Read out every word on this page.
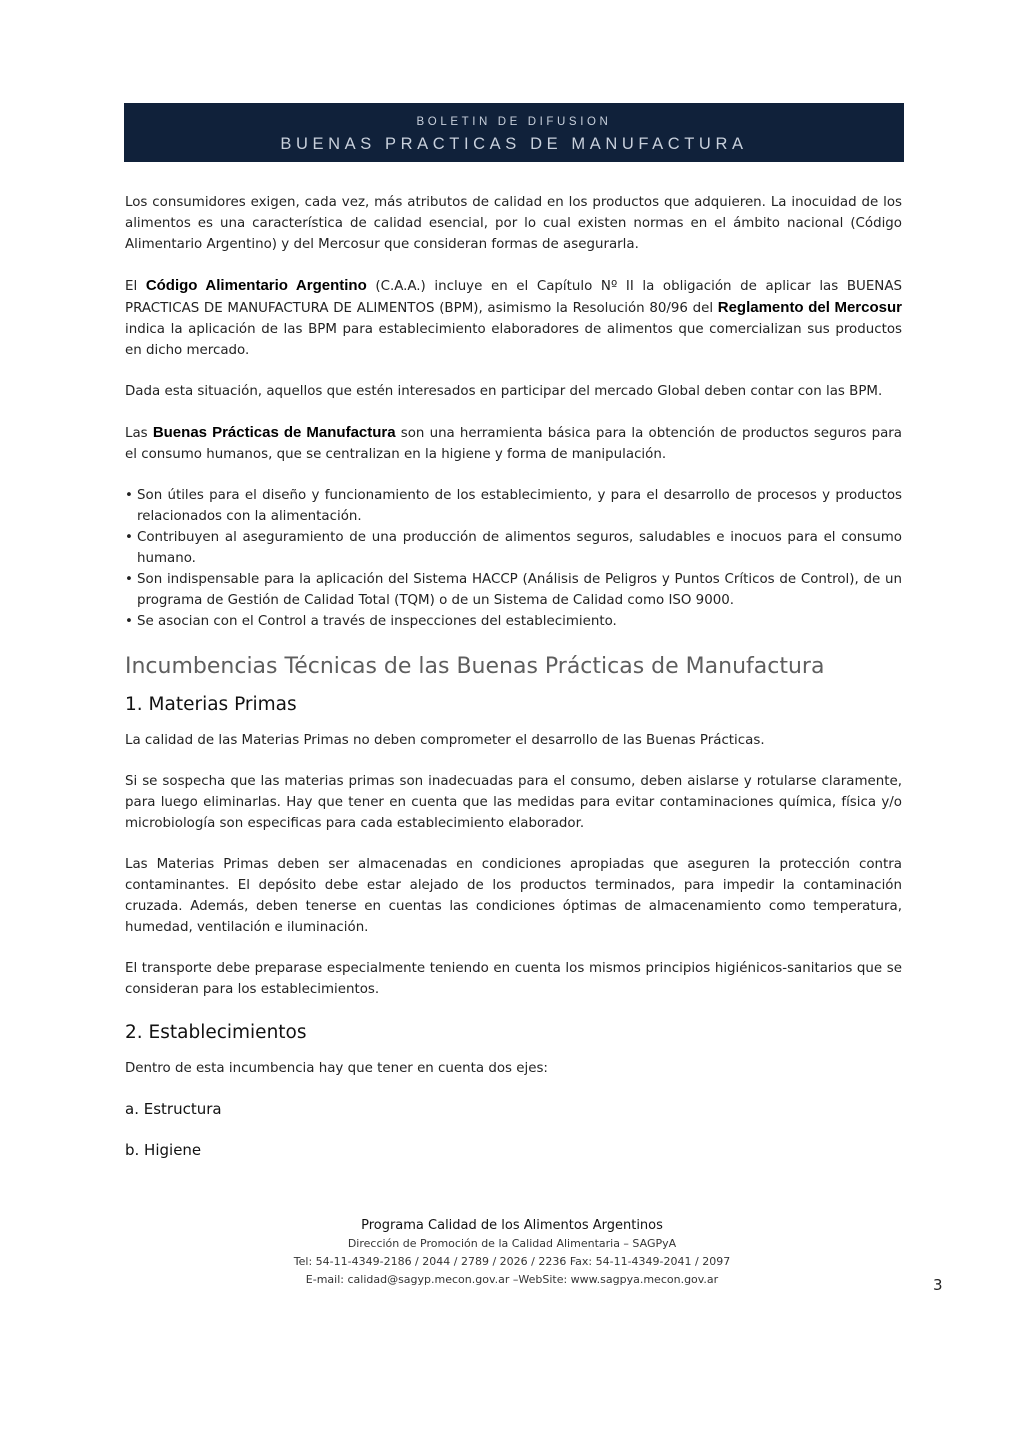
BOLETIN DE DIFUSION
BUENAS PRACTICAS DE MANUFACTURA

Los consumidores exigen, cada vez, más atributos de calidad en los productos que adquieren. La inocuidad de los alimentos es una característica de calidad esencial, por lo cual existen normas en el ámbito nacional (Código Alimentario Argentino) y del Mercosur que consideran formas de asegurarla.

El Código Alimentario Argentino (C.A.A.) incluye en el Capítulo Nº II la obligación de aplicar las BUENAS PRACTICAS DE MANUFACTURA DE ALIMENTOS (BPM), asimismo la Resolución 80/96 del Reglamento del Mercosur indica la aplicación de las BPM para establecimiento elaboradores de alimentos que comercializan sus productos en dicho mercado.

Dada esta situación, aquellos que estén interesados en participar del mercado Global deben contar con las BPM.

Las Buenas Prácticas de Manufactura son una herramienta básica para la obtención de productos seguros para el consumo humanos, que se centralizan en la higiene y forma de manipulación.

• Son útiles para el diseño y funcionamiento de los establecimiento, y para el desarrollo de procesos y productos relacionados con la alimentación.
• Contribuyen al aseguramiento de una producción de alimentos seguros, saludables e inocuos para el consumo humano.
• Son indispensable para la aplicación del Sistema HACCP (Análisis de Peligros y Puntos Críticos de Control), de un programa de Gestión de Calidad Total (TQM) o de un Sistema de Calidad como ISO 9000.
• Se asocian con el Control a través de inspecciones del establecimiento.
Incumbencias Técnicas de las Buenas Prácticas de Manufactura
1. Materias Primas

La calidad de las Materias Primas no deben comprometer el desarrollo de las Buenas Prácticas.

Si se sospecha que las materias primas son inadecuadas para el consumo, deben aislarse y rotularse claramente, para luego eliminarlas. Hay que tener en cuenta que las medidas para evitar contaminaciones química, física y/o microbiología son especificas para cada establecimiento elaborador.

Las Materias Primas deben ser almacenadas en condiciones apropiadas que aseguren la protección contra contaminantes. El depósito debe estar alejado de los productos terminados, para impedir la contaminación cruzada. Además, deben tenerse en cuentas las condiciones óptimas de almacenamiento como temperatura, humedad, ventilación e iluminación.

El transporte debe preparase especialmente teniendo en cuenta los mismos principios higiénicos-sanitarios que se consideran para los establecimientos.

2. Establecimientos

Dentro de esta incumbencia hay que tener en cuenta dos ejes:

a. Estructura
b. Higiene
Programa Calidad de los Alimentos Argentinos
Dirección de Promoción de la Calidad Alimentaria – SAGPyA
Tel: 54-11-4349-2186 / 2044 / 2789 / 2026 / 2236 Fax: 54-11-4349-2041 / 2097
E-mail: calidad@sagyp.mecon.gov.ar –WebSite: www.sagpya.mecon.gov.ar	3
